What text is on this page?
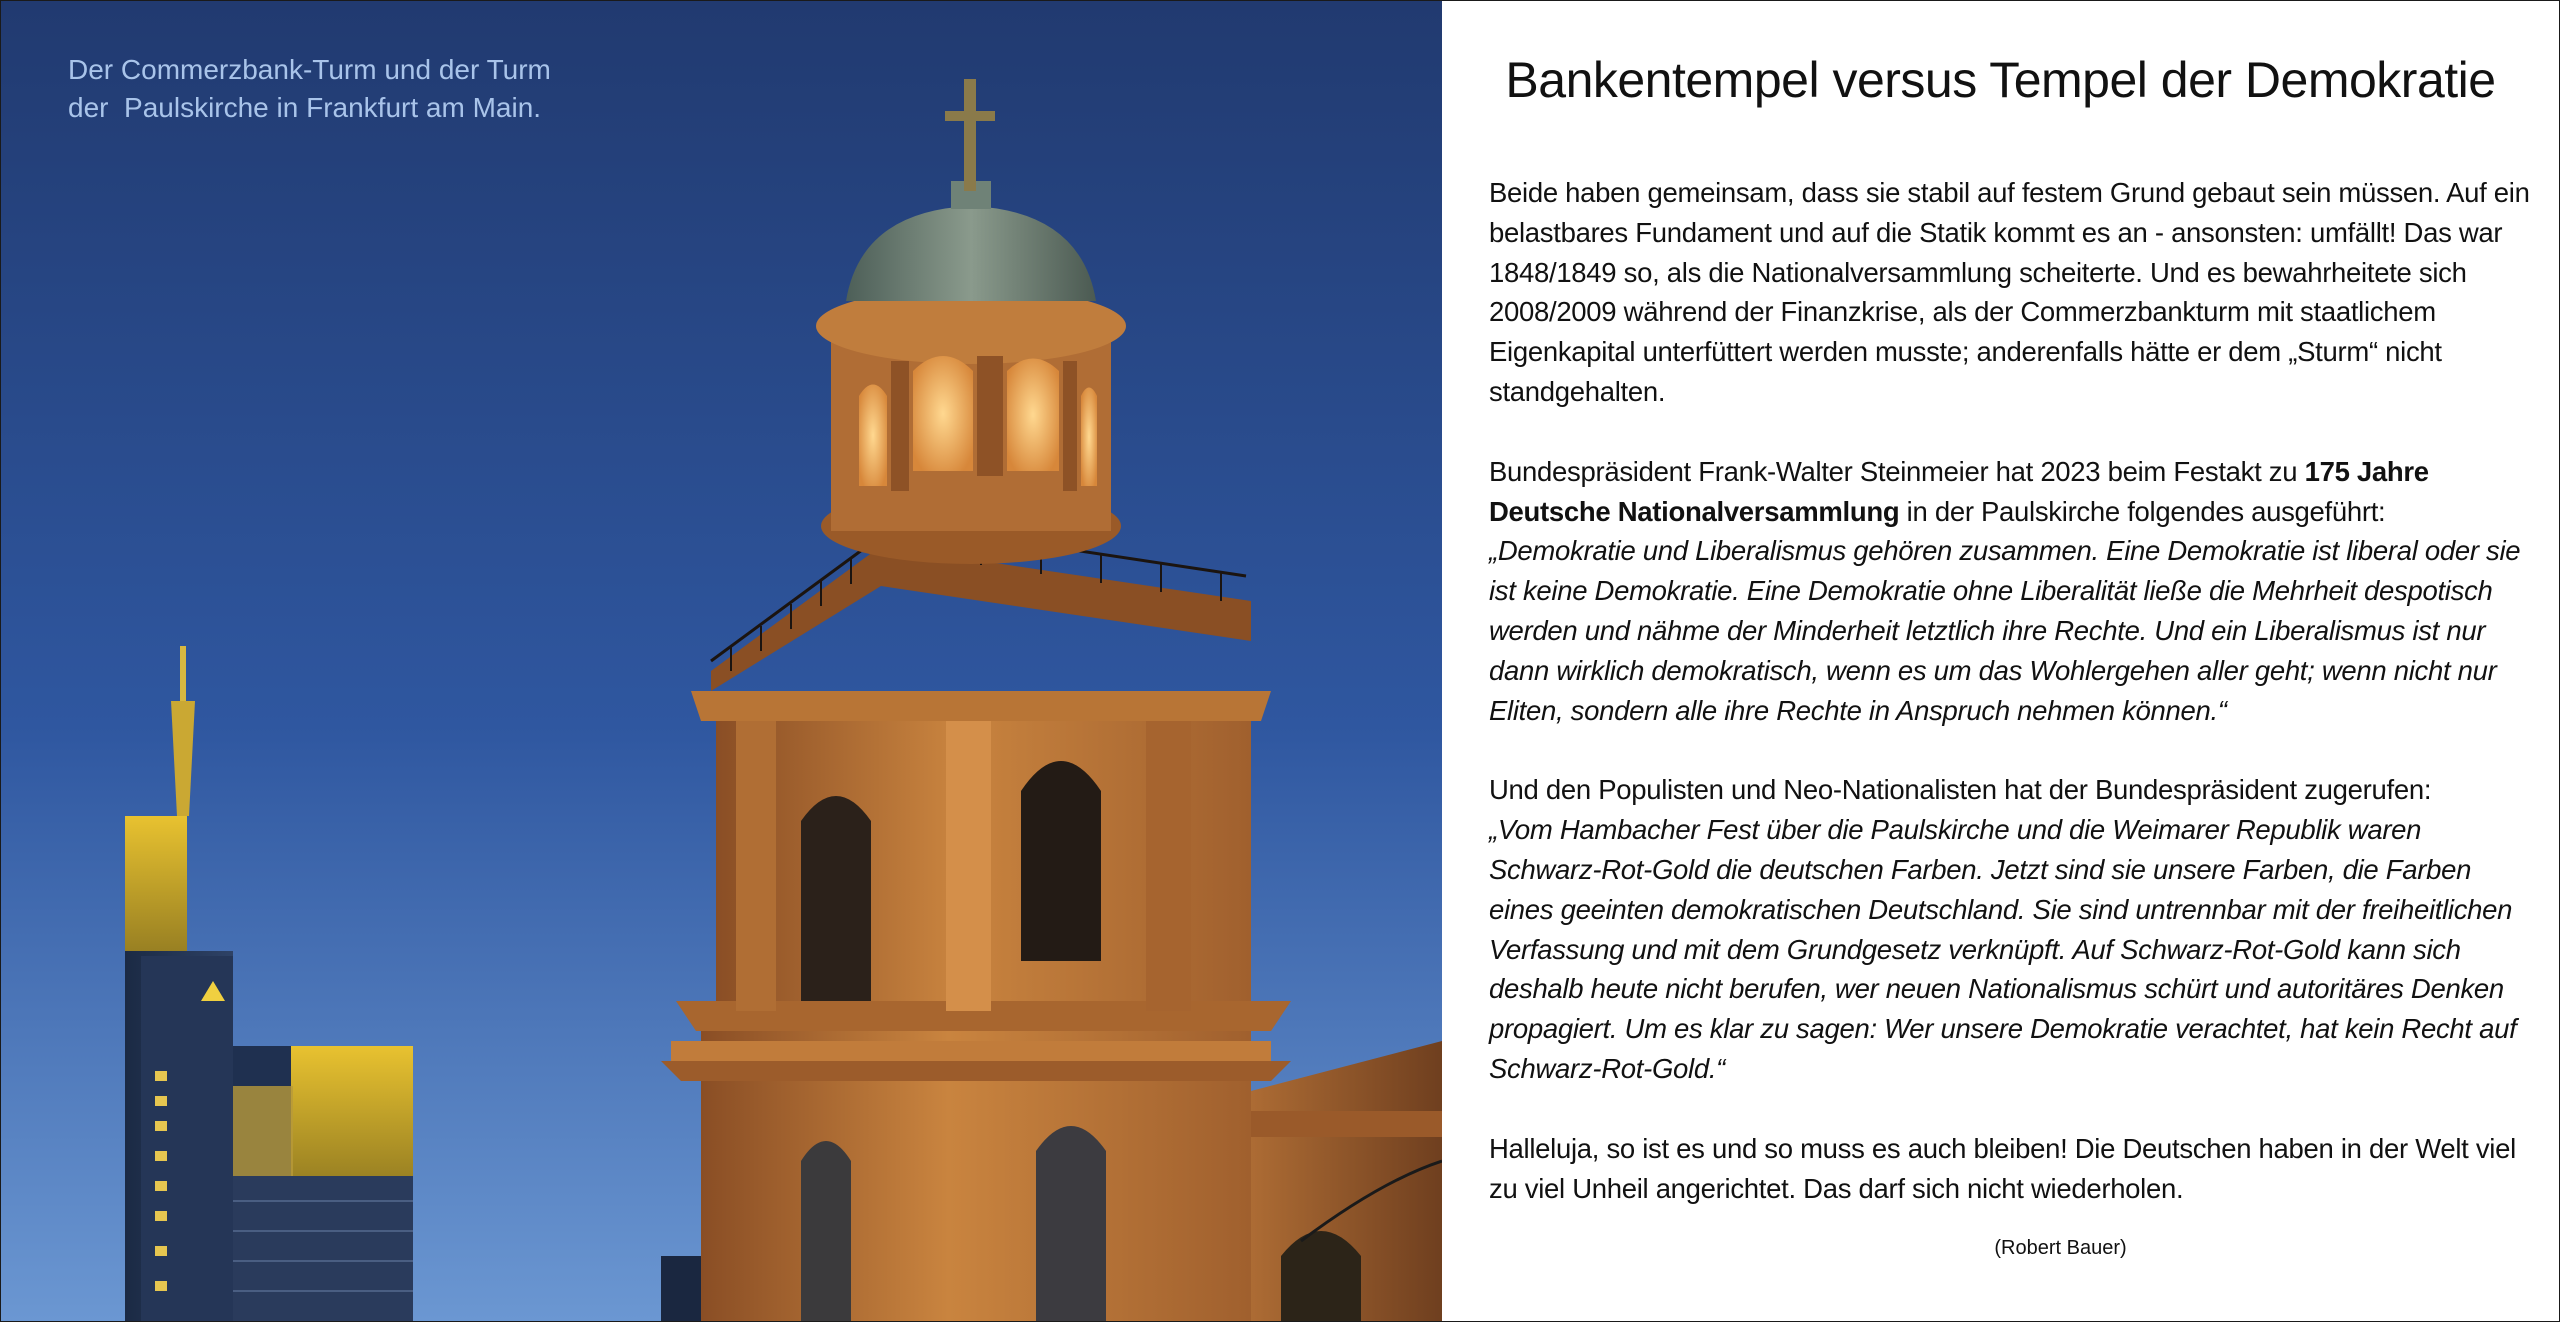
Der Commerzbank-Turm und der Turm
der  Paulskirche in Frankfurt am Main.	Bankentempel versus Tempel der Demokratie

Beide haben gemeinsam, dass sie stabil auf festem Grund gebaut sein müssen. Auf ein belastbares Fundament und auf die Statik kommt es an - ansonsten: umfällt! Das war 1848/1849 so, als die Nationalversammlung scheiterte. Und es bewahrheitete sich 2008/2009 während der Finanzkrise, als der Commerzbankturm mit staatlichem Eigenkapital unterfüttert werden musste; anderenfalls hätte er dem „Sturm“ nicht standgehalten.

Bundespräsident Frank-Walter Steinmeier hat 2023 beim Festakt zu 175 Jahre Deutsche Nationalversammlung in der Paulskirche folgendes ausgeführt:
„Demokratie und Liberalismus gehören zusammen. Eine Demokratie ist liberal oder sie ist keine Demokratie. Eine Demokratie ohne Liberalität ließe die Mehrheit despotisch werden und nähme der Minderheit letztlich ihre Rechte. Und ein Liberalismus ist nur dann wirklich demokratisch, wenn es um das Wohlergehen aller geht; wenn nicht nur Eliten, sondern alle ihre Rechte in Anspruch nehmen können.“

Und den Populisten und Neo-Nationalisten hat der Bundespräsident zugerufen:
„Vom Hambacher Fest über die Paulskirche und die Weimarer Republik waren Schwarz-Rot-Gold die deutschen Farben. Jetzt sind sie unsere Farben, die Farben eines geeinten demokratischen Deutschland. Sie sind untrennbar mit der freiheitlichen Verfassung und mit dem Grundgesetz verknüpft. Auf Schwarz-Rot-Gold kann sich deshalb heute nicht berufen, wer neuen Nationalismus schürt und autoritäres Denken propagiert. Um es klar zu sagen: Wer unsere Demokratie verachtet, hat kein Recht auf Schwarz-Rot-Gold.“

Halleluja, so ist es und so muss es auch bleiben! Die Deutschen haben in der Welt viel zu viel Unheil angerichtet. Das darf sich nicht wiederholen.

(Robert Bauer)
